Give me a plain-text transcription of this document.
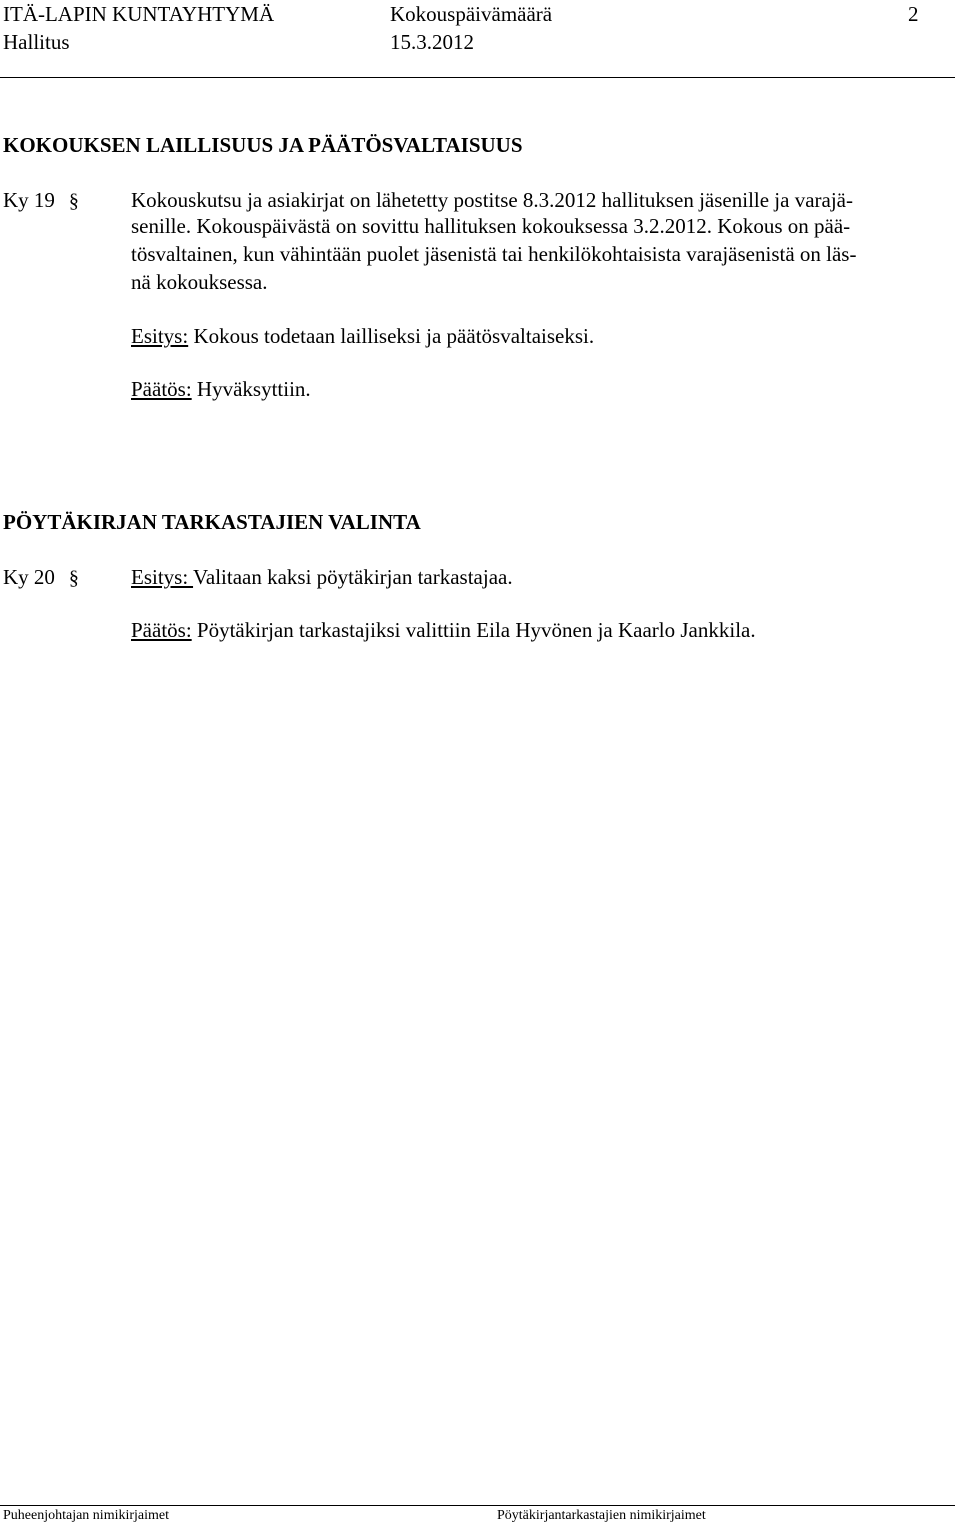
ITÄ-LAPIN KUNTAYHTYMÄ	Kokouspäivämäärä	2
Hallitus	15.3.2012
KOKOUKSEN LAILLISUUS JA PÄÄTÖSVALTAISUUS
Ky 19 § Kokouskutsu ja asiakirjat on lähetetty postitse 8.3.2012 hallituksen jäsenille ja varajä-
senille. Kokouspäivästä on sovittu hallituksen kokouksessa 3.2.2012. Kokous on pää-
tösvaltainen, kun vähintään puolet jäsenistä tai henkilökohtaisista varajäsenistä on läs-
nä kokouksessa.
Esitys: Kokous todetaan lailliseksi ja päätösvaltaiseksi.
Päätös: Hyväksyttiin.
PÖYTÄKIRJAN TARKASTAJIEN VALINTA
Ky 20 § Esitys: Valitaan kaksi pöytäkirjan tarkastajaa.
Päätös: Pöytäkirjan tarkastajiksi valittiin Eila Hyvönen ja Kaarlo Jankkila.
Puheenjohtajan nimikirjaimet	Pöytäkirjantarkastajien nimikirjaimet
